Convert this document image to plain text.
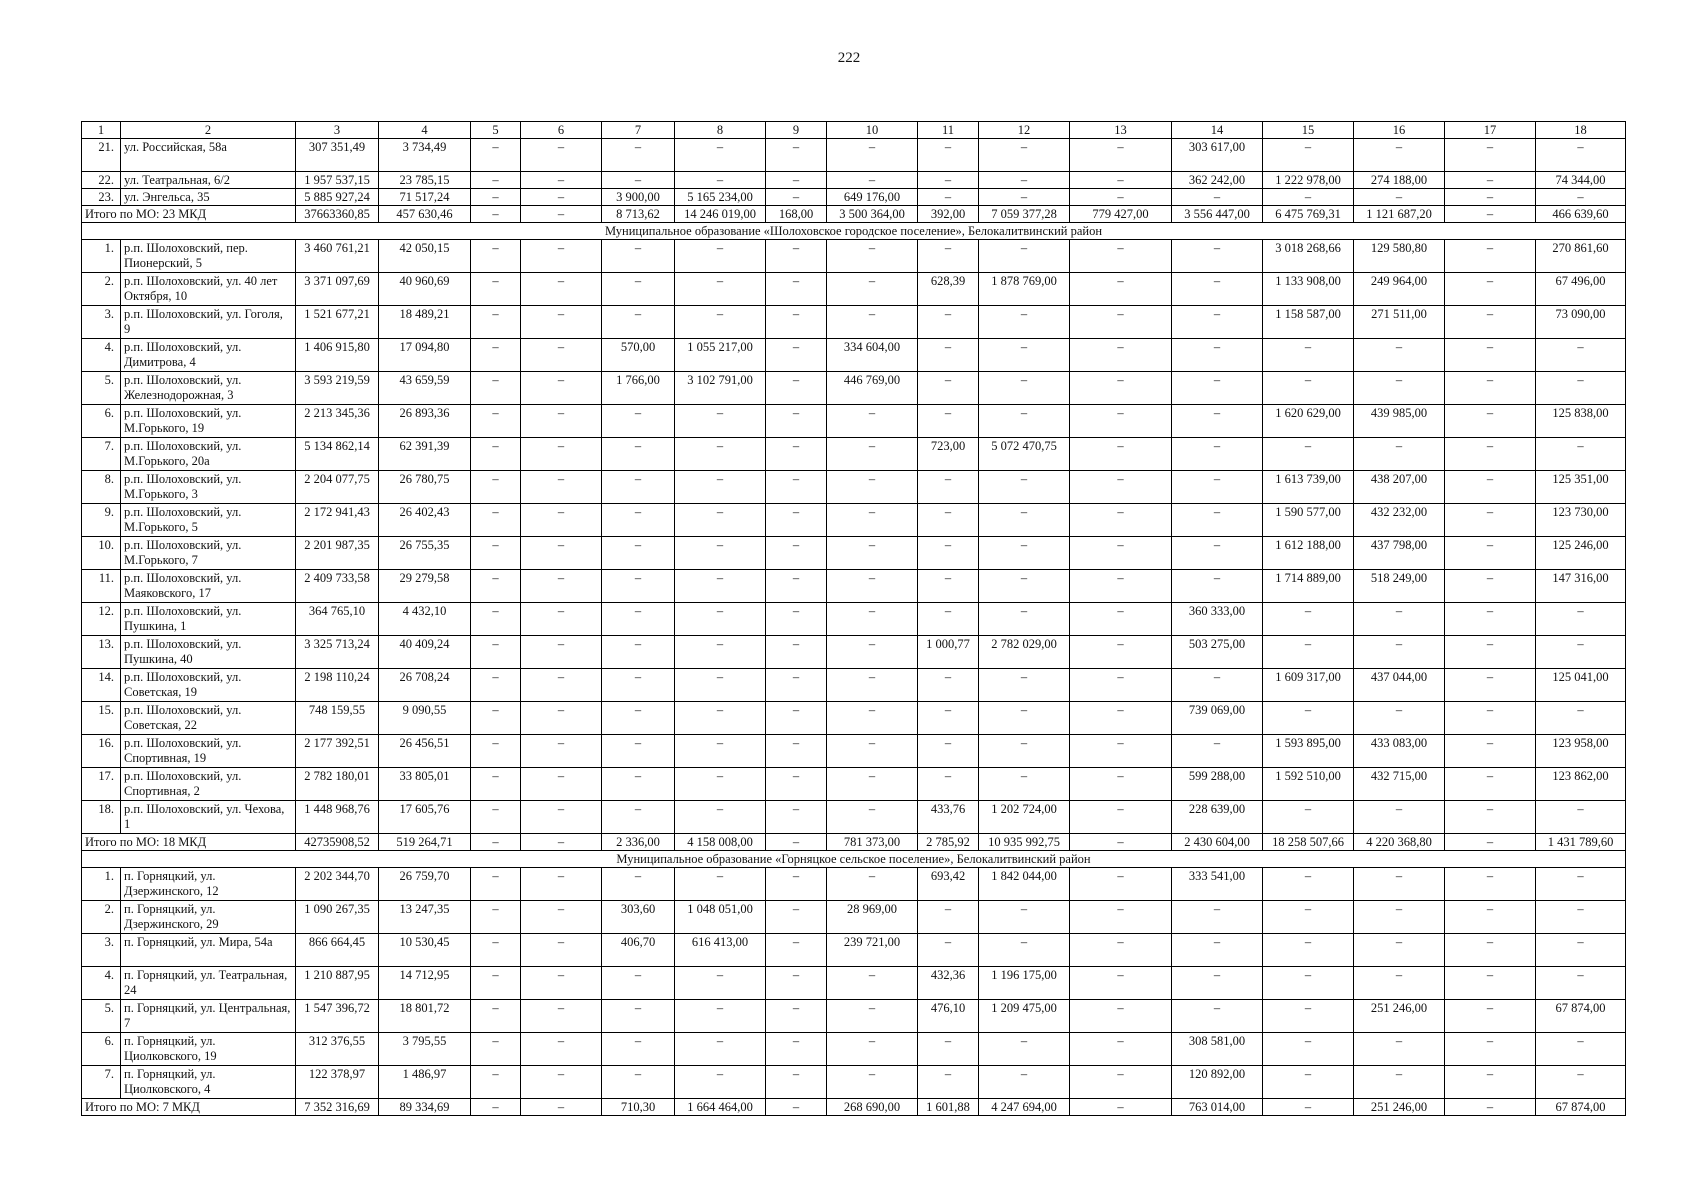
222
1	2	3	4	5	6	7	8	9	10	11	12	13	14	15	16	17	18
21.	ул. Российская, 58а	307 351,49	3 734,49	–	–	–	–	–	–	–	–	–	303 617,00	–	–	–	–
22.	ул. Театральная, 6/2	1 957 537,15	23 785,15	–	–	–	–	–	–	–	–	–	362 242,00	1 222 978,00	274 188,00	–	74 344,00
23.	ул. Энгельса, 35	5 885 927,24	71 517,24	–	–	3 900,00	5 165 234,00	–	649 176,00	–	–	–	–	–	–	–	–
Итого по МО: 23 МКД		37663360,85	457 630,46	–	–	8 713,62	14 246 019,00	168,00	3 500 364,00	392,00	7 059 377,28	779 427,00	3 556 447,00	6 475 769,31	1 121 687,20	–	466 639,60
Муниципальное образование «Шолоховское городское поселение», Белокалитвинский район																	
1.	р.п. Шолоховский, пер. Пионерский, 5	3 460 761,21	42 050,15	–	–	–	–	–	–	–	–	–	–	3 018 268,66	129 580,80	–	270 861,60
2.	р.п. Шолоховский, ул. 40 лет Октября, 10	3 371 097,69	40 960,69	–	–	–	–	–	–	628,39	1 878 769,00	–	–	1 133 908,00	249 964,00	–	67 496,00
3.	р.п. Шолоховский, ул. Гоголя, 9	1 521 677,21	18 489,21	–	–	–	–	–	–	–	–	–	–	1 158 587,00	271 511,00	–	73 090,00
4.	р.п. Шолоховский, ул. Димитрова, 4	1 406 915,80	17 094,80	–	–	570,00	1 055 217,00	–	334 604,00	–	–	–	–	–	–	–	–
5.	р.п. Шолоховский, ул. Железнодорожная, 3	3 593 219,59	43 659,59	–	–	1 766,00	3 102 791,00	–	446 769,00	–	–	–	–	–	–	–	–
6.	р.п. Шолоховский, ул. М.Горького, 19	2 213 345,36	26 893,36	–	–	–	–	–	–	–	–	–	–	1 620 629,00	439 985,00	–	125 838,00
7.	р.п. Шолоховский, ул. М.Горького, 20а	5 134 862,14	62 391,39	–	–	–	–	–	–	723,00	5 072 470,75	–	–	–	–	–	–
8.	р.п. Шолоховский, ул. М.Горького, 3	2 204 077,75	26 780,75	–	–	–	–	–	–	–	–	–	–	1 613 739,00	438 207,00	–	125 351,00
9.	р.п. Шолоховский, ул. М.Горького, 5	2 172 941,43	26 402,43	–	–	–	–	–	–	–	–	–	–	1 590 577,00	432 232,00	–	123 730,00
10.	р.п. Шолоховский, ул. М.Горького, 7	2 201 987,35	26 755,35	–	–	–	–	–	–	–	–	–	–	1 612 188,00	437 798,00	–	125 246,00
11.	р.п. Шолоховский, ул. Маяковского, 17	2 409 733,58	29 279,58	–	–	–	–	–	–	–	–	–	–	1 714 889,00	518 249,00	–	147 316,00
12.	р.п. Шолоховский, ул. Пушкина, 1	364 765,10	4 432,10	–	–	–	–	–	–	–	–	–	360 333,00	–	–	–	–
13.	р.п. Шолоховский, ул. Пушкина, 40	3 325 713,24	40 409,24	–	–	–	–	–	–	1 000,77	2 782 029,00	–	503 275,00	–	–	–	–
14.	р.п. Шолоховский, ул. Советская, 19	2 198 110,24	26 708,24	–	–	–	–	–	–	–	–	–	–	1 609 317,00	437 044,00	–	125 041,00
15.	р.п. Шолоховский, ул. Советская, 22	748 159,55	9 090,55	–	–	–	–	–	–	–	–	–	739 069,00	–	–	–	–
16.	р.п. Шолоховский, ул. Спортивная, 19	2 177 392,51	26 456,51	–	–	–	–	–	–	–	–	–	–	1 593 895,00	433 083,00	–	123 958,00
17.	р.п. Шолоховский, ул. Спортивная, 2	2 782 180,01	33 805,01	–	–	–	–	–	–	–	–	–	599 288,00	1 592 510,00	432 715,00	–	123 862,00
18.	р.п. Шолоховский, ул. Чехова, 1	1 448 968,76	17 605,76	–	–	–	–	–	–	433,76	1 202 724,00	–	228 639,00	–	–	–	–
Итого по МО: 18 МКД		42735908,52	519 264,71	–	–	2 336,00	4 158 008,00	–	781 373,00	2 785,92	10 935 992,75	–	2 430 604,00	18 258 507,66	4 220 368,80	–	1 431 789,60
Муниципальное образование «Горняцкое сельское поселение», Белокалитвинский район																	
1.	п. Горняцкий, ул. Дзержинского, 12	2 202 344,70	26 759,70	–	–	–	–	–	–	693,42	1 842 044,00	–	333 541,00	–	–	–	–
2.	п. Горняцкий, ул. Дзержинского, 29	1 090 267,35	13 247,35	–	–	303,60	1 048 051,00	–	28 969,00	–	–	–	–	–	–	–	–
3.	п. Горняцкий, ул. Мира, 54а	866 664,45	10 530,45	–	–	406,70	616 413,00	–	239 721,00	–	–	–	–	–	–	–	–
4.	п. Горняцкий, ул. Театральная, 24	1 210 887,95	14 712,95	–	–	–	–	–	–	432,36	1 196 175,00	–	–	–	–	–	–
5.	п. Горняцкий, ул. Центральная, 7	1 547 396,72	18 801,72	–	–	–	–	–	–	476,10	1 209 475,00	–	–	–	251 246,00	–	67 874,00
6.	п. Горняцкий, ул. Циолковского, 19	312 376,55	3 795,55	–	–	–	–	–	–	–	–	–	308 581,00	–	–	–	–
7.	п. Горняцкий, ул. Циолковского, 4	122 378,97	1 486,97	–	–	–	–	–	–	–	–	–	120 892,00	–	–	–	–
Итого по МО: 7 МКД		7 352 316,69	89 334,69	–	–	710,30	1 664 464,00	–	268 690,00	1 601,88	4 247 694,00	–	763 014,00	–	251 246,00	–	67 874,00
